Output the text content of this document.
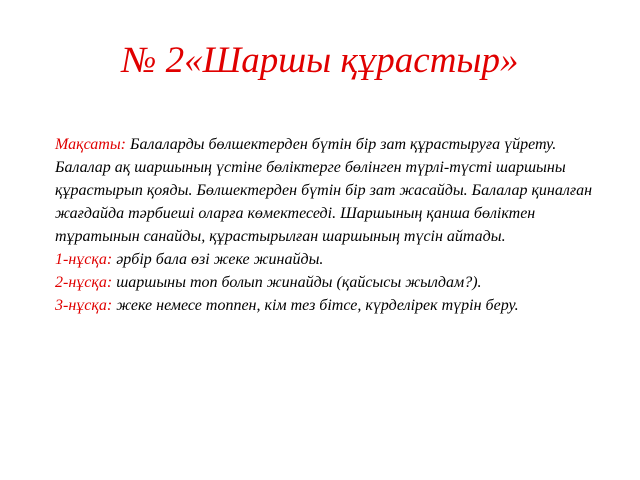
№ 2«Шаршы құрастыр»

Мақсаты: Балаларды бөлшектерден бүтін бір зат құрастыруға үйрету.

Балалар ақ шаршының үстіне бөліктерге бөлінген түрлі-түсті шаршыны құрастырып қояды. Бөлшектерден бүтін бір зат жасайды. Балалар қиналған жағдайда тәрбиеші оларға көмектеседі. Шаршының қанша бөліктен тұратынын санайды, құрастырылған шаршының түсін айтады.

1-нұсқа: әрбір бала өзі жеке жинайды.

2-нұсқа: шаршыны топ болып жинайды (қайсысы жылдам?).

3-нұсқа: жеке немесе топпен, кім тез бітсе, күрделірек түрін беру.
